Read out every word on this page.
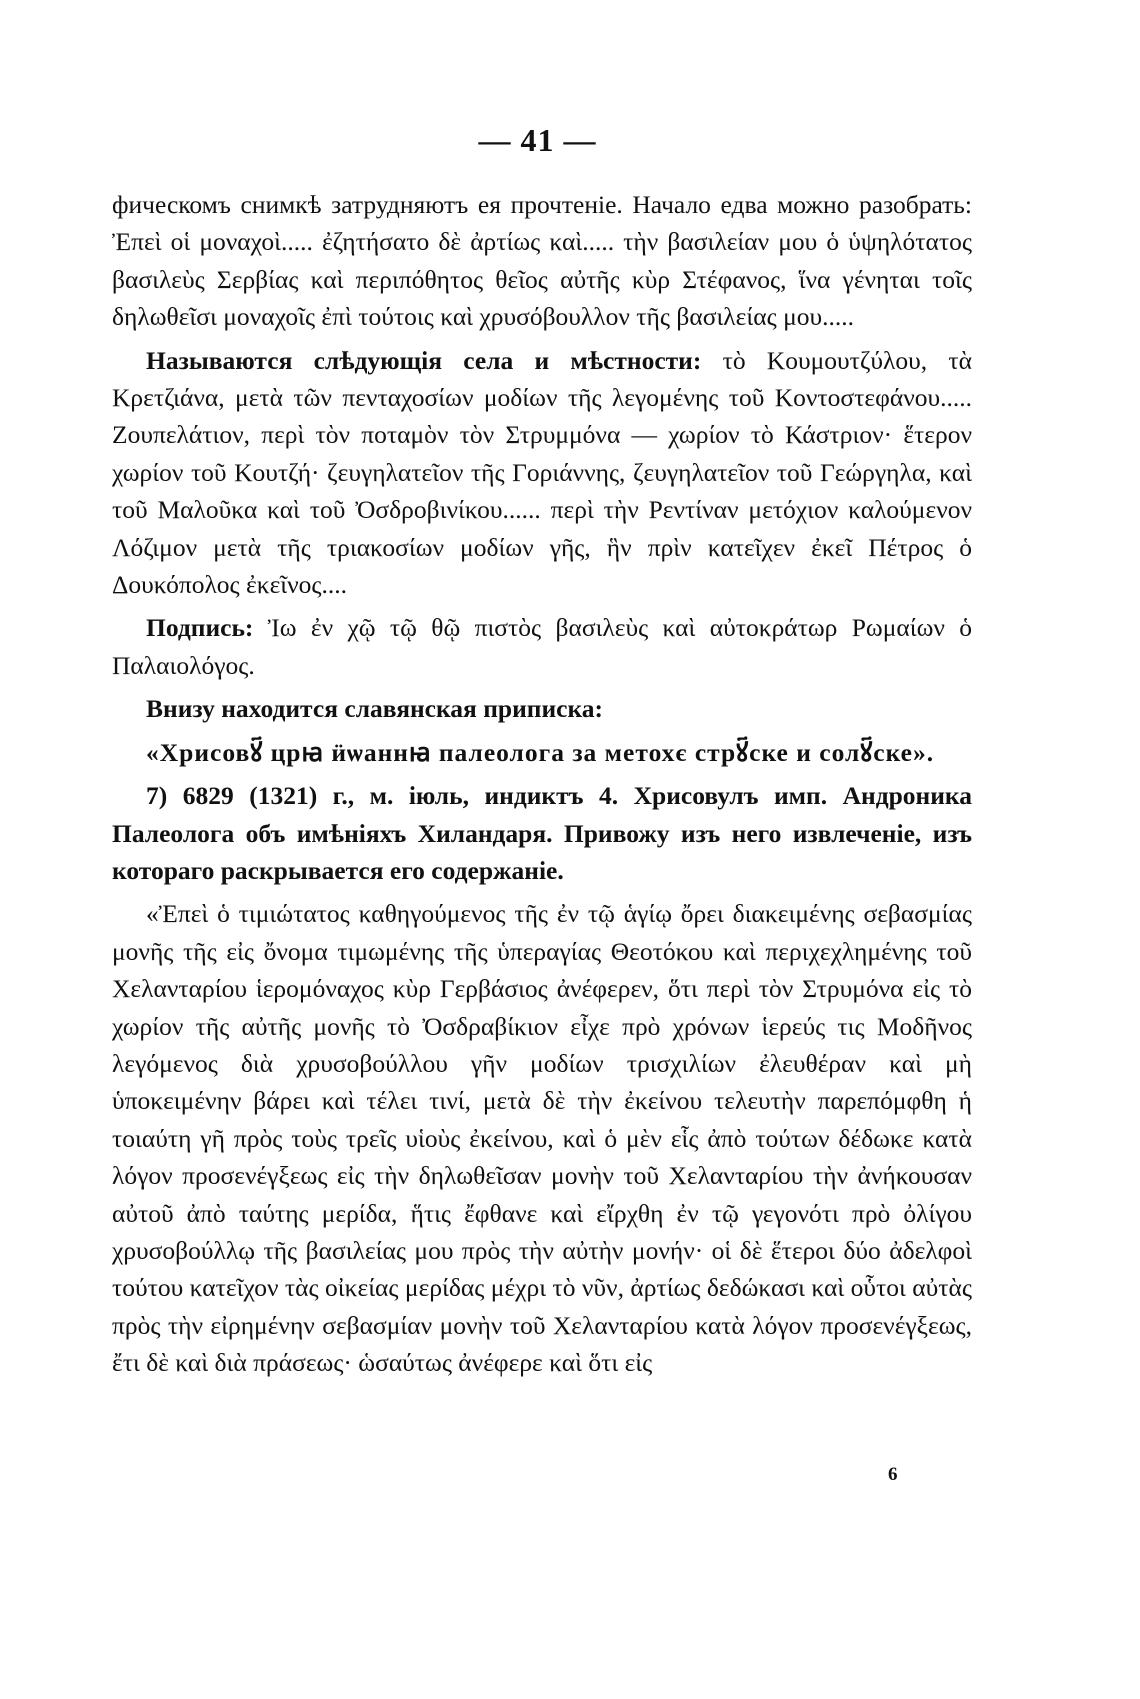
— 41 —

фическомъ снимкѣ затрудняютъ ея прочтеніе. Начало едва можно разобрать: Ἐπεὶ οἱ μοναχοὶ..... ἐζητήσατο δὲ ἀρτίως καὶ..... τὴν βασιλείαν μου ὁ ὑψηλότατος βασιλεὺς Σερβίας καὶ περιπόθητος θεῖος αὐτῆς κὺρ Στέφανος, ἵνα γένηται τοῖς δηλωθεῖσι μοναχοῖς ἐπὶ τούτοις καὶ χρυσόβουλλον τῆς βασιλείας μου.....

Называются слѣдующія села и мѣстности: τὸ Κουμουτζύλου, τὰ Κρετζιάνα, μετὰ τῶν πενταχοσίων μοδίων τῆς λεγομένης τοῦ Κοντοστεφάνου..... Ζουπελάτιον, περὶ τὸν ποταμὸν τὸν Στρυμμόνα — χωρίον τὸ Κάστριον· ἕτερον χωρίον τοῦ Κουτζή· ζευγηλατεῖον τῆς Γοριάννης, ζευγηλατεῖον τοῦ Γεώργηλα, καὶ τοῦ Μαλοῦκα καὶ τοῦ Ὀσδροβινίκου...... περὶ τὴν Ρεντίναν μετόχιον καλούμενον Λόζιμον μετὰ τῆς τριακοσίων μοδίων γῆς, ἣν πρὶν κατεῖχεν ἐκεῖ Πέτρος ὁ Δουκόπολος ἐκεῖνος....

Подпись: Ἰω ἐν χῷ τῷ θῷ πιστὸς βασιλεὺς καὶ αὐτοκράτωρ Ρωμαίων ὁ Παλαιολόγος.

Внизу находится славянская приписка:

«Хрисовꙋ҃ црꙗ ӥѡаннꙗ палеолога за метохє стрꙋ҃ске и солꙋ҃ске».

7) 6829 (1321) г., м. іюль, индиктъ 4. Хрисовулъ имп. Андроника Палеолога объ имѣніяхъ Хиландаря. Привожу изъ него извлеченіе, изъ котораго раскрывается его содержаніе.

«Ἐπεὶ ὁ τιμιώτατος καθηγούμενος τῆς ἐν τῷ ἁγίῳ ὄρει διακειμένης σεβασμίας μονῆς τῆς εἰς ὄνομα τιμωμένης τῆς ὑπεραγίας Θεοτόκου καὶ περιχεχλημένης τοῦ Χελανταρίου ἱερομόναχος κὺρ Γερβάσιος ἀνέφερεν, ὅτι περὶ τὸν Στρυμόνα εἰς τὸ χωρίον τῆς αὐτῆς μονῆς τὸ Ὀσδραβίκιον εἶχε πρὸ χρόνων ἱερεύς τις Μοδῆνος λεγόμενος διὰ χρυσοβούλλου γῆν μοδίων τρισχιλίων ἐλευθέραν καὶ μὴ ὑποκειμένην βάρει καὶ τέλει τινί, μετὰ δὲ τὴν ἐκείνου τελευτὴν παρεπόμφθη ἡ τοιαύτη γῆ πρὸς τοὺς τρεῖς υἱοὺς ἐκείνου, καὶ ὁ μὲν εἷς ἀπὸ τούτων δέδωκε κατὰ λόγον προσενέγξεως εἰς τὴν δηλωθεῖσαν μονὴν τοῦ Χελανταρίου τὴν ἀνήκουσαν αὐτοῦ ἀπὸ ταύτης μερίδα, ἥτις ἔφθανε καὶ εἴρχθη ἐν τῷ γεγονότι πρὸ ὀλίγου χρυσοβούλλῳ τῆς βασιλείας μου πρὸς τὴν αὐτὴν μονήν· οἱ δὲ ἕτεροι δύο ἀδελφοὶ τούτου κατεῖχον τὰς οἰκείας μερίδας μέχρι τὸ νῦν, ἀρτίως δεδώκασι καὶ οὗτοι αὐτὰς πρὸς τὴν εἰρημένην σεβασμίαν μονὴν τοῦ Χελανταρίου κατὰ λόγον προσενέγξεως, ἔτι δὲ καὶ διὰ πράσεως· ὡσαύτως ἀνέφερε καὶ ὅτι εἰς

6
